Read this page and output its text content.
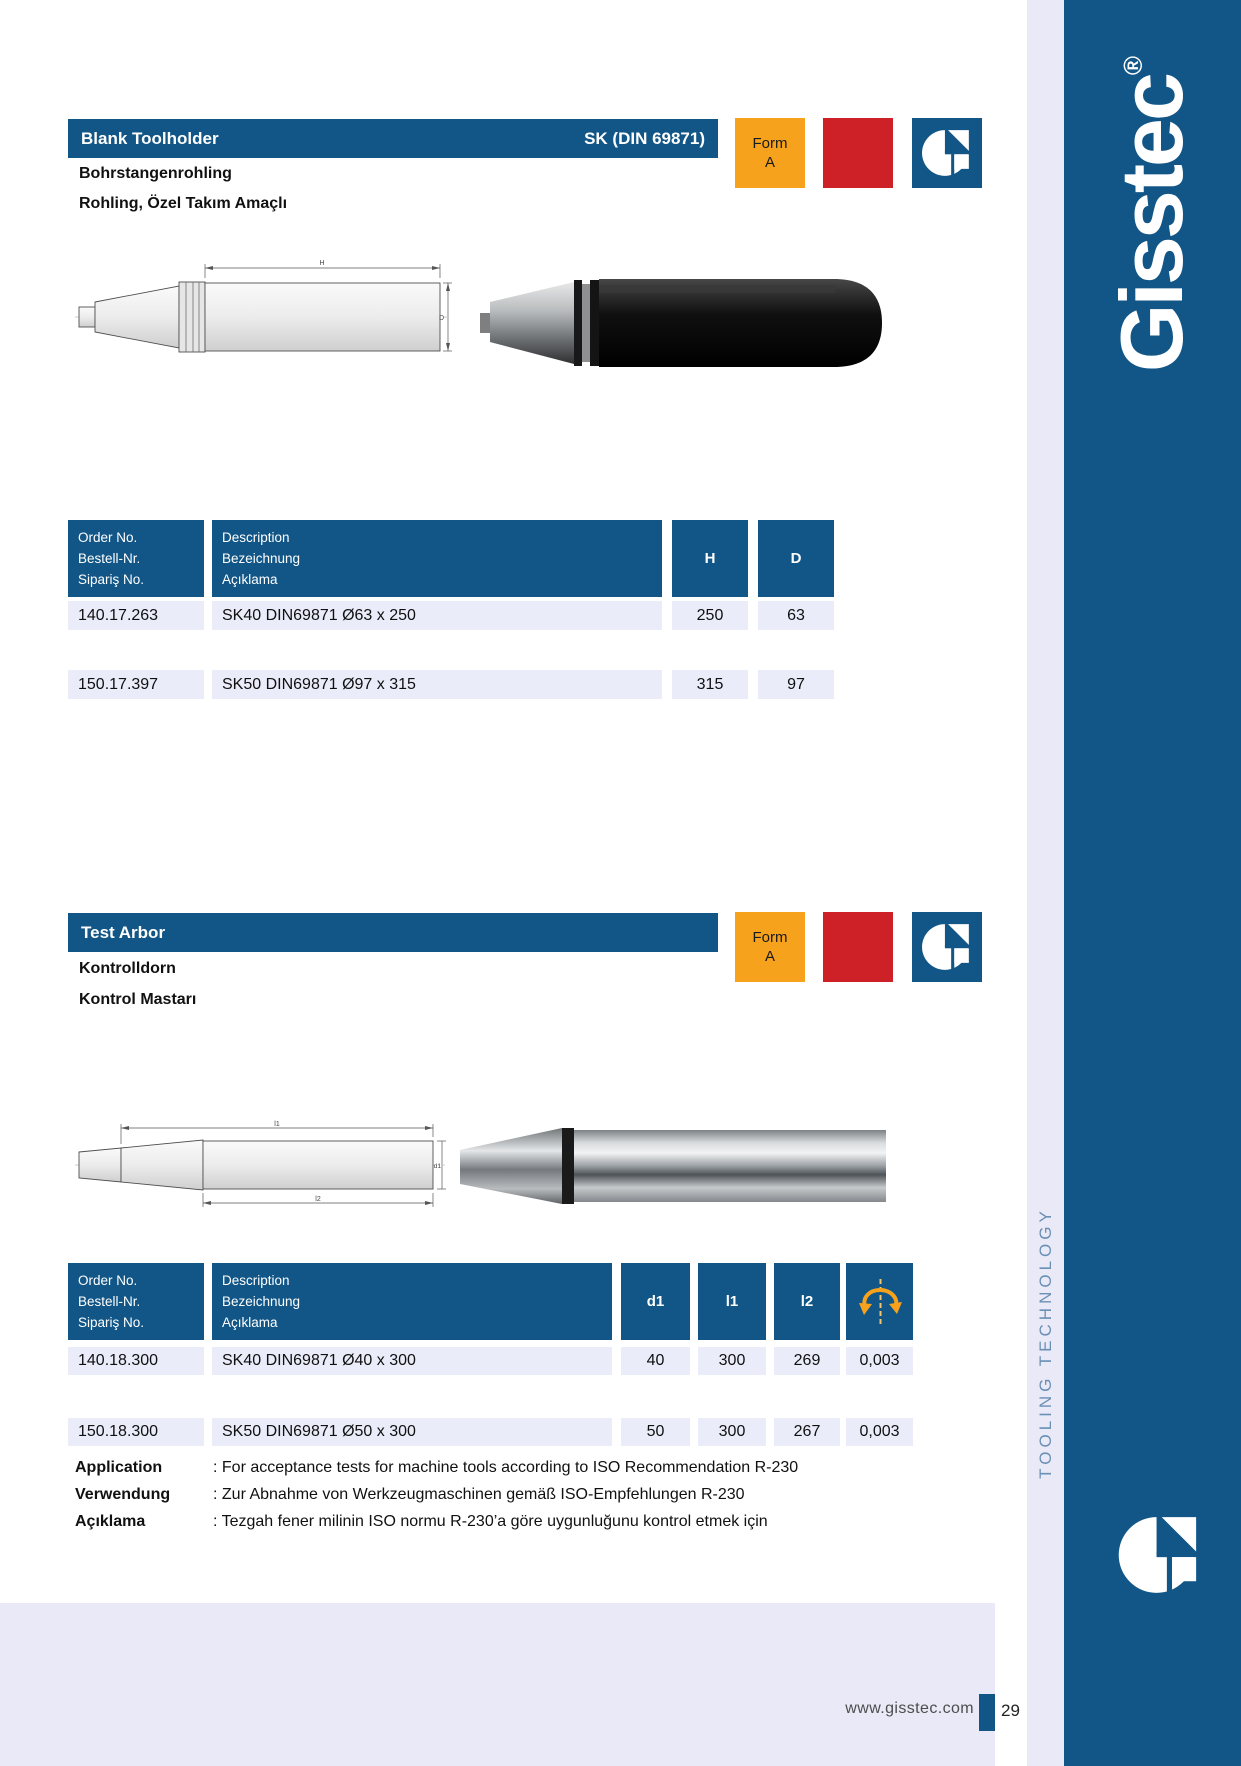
Gisstec®
TOOLING TECHNOLOGY
www.gisstec.com 29
Blank Toolholder	SK (DIN 69871)
Bohrstangenrohling
Rohling, Özel Takım Amaçlı
Form
A
H
D
Order No.
Bestell-Nr.
Sipariş No.
Description
Bezeichnung
Açıklama
H	D
140.17.263	SK40 DIN69871 Ø63 x 250	250	63
150.17.397	SK50 DIN69871 Ø97 x 315	315	97
Test Arbor
Kontrolldorn
Kontrol Mastarı
Form
A
l1
l2
d1
Order No.
Bestell-Nr.
Sipariş No.
Description
Bezeichnung
Açıklama
d1	l1	l2
140.18.300	SK40 DIN69871 Ø40 x 300	40	300	269	0,003
150.18.300	SK50 DIN69871 Ø50 x 300	50	300	267	0,003
Application	: For acceptance tests for machine tools according to ISO Recommendation R-230
Verwendung	: Zur Abnahme von Werkzeugmaschinen gemäß ISO-Empfehlungen R-230
Açıklama	: Tezgah fener milinin ISO normu R-230’a göre uygunluğunu kontrol etmek için
